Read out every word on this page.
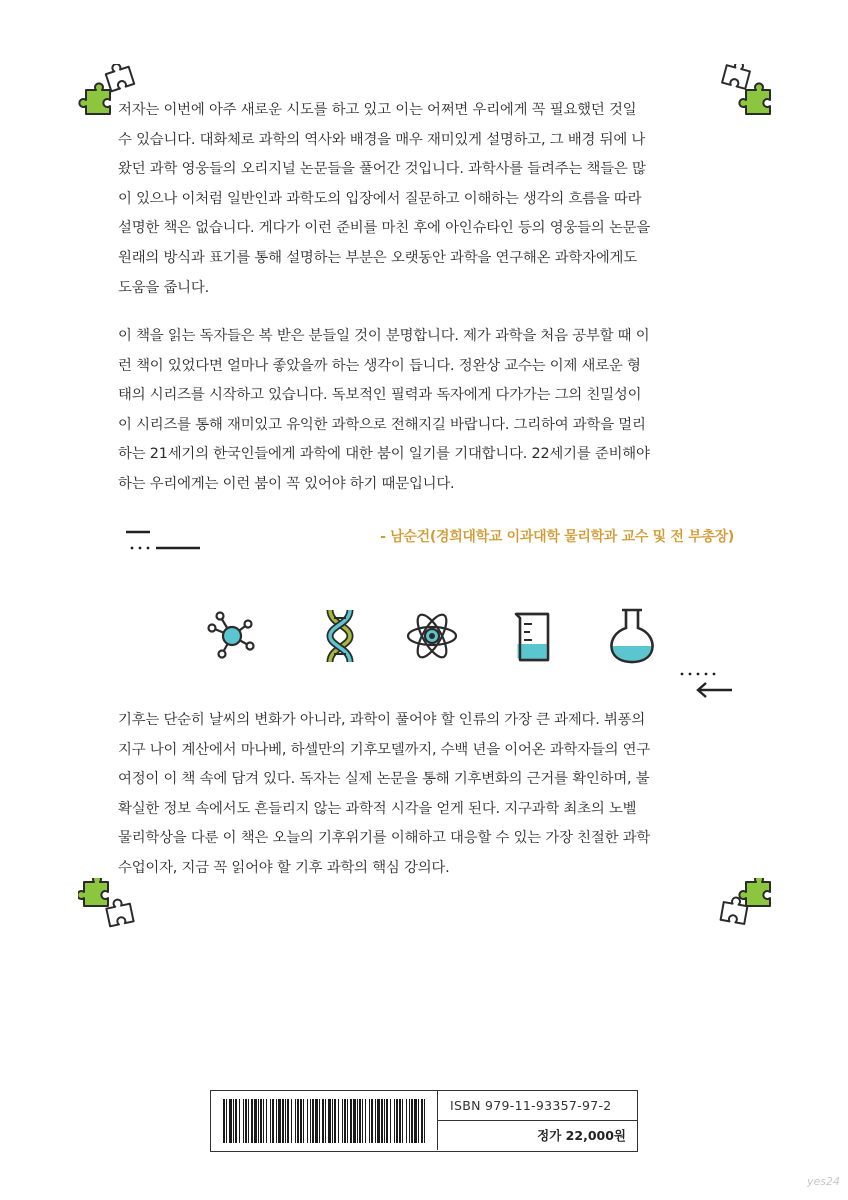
저자는 이번에 아주 새로운 시도를 하고 있고 이는 어쩌면 우리에게 꼭 필요했던 것일
수 있습니다. 대화체로 과학의 역사와 배경을 매우 재미있게 설명하고, 그 배경 뒤에 나
왔던 과학 영웅들의 오리지널 논문들을 풀어간 것입니다. 과학사를 들려주는 책들은 많
이 있으나 이처럼 일반인과 과학도의 입장에서 질문하고 이해하는 생각의 흐름을 따라
설명한 책은 없습니다. 게다가 이런 준비를 마친 후에 아인슈타인 등의 영웅들의 논문을
원래의 방식과 표기를 통해 설명하는 부분은 오랫동안 과학을 연구해온 과학자에게도
도움을 줍니다.
이 책을 읽는 독자들은 복 받은 분들일 것이 분명합니다. 제가 과학을 처음 공부할 때 이
런 책이 있었다면 얼마나 좋았을까 하는 생각이 듭니다. 정완상 교수는 이제 새로운 형
태의 시리즈를 시작하고 있습니다. 독보적인 필력과 독자에게 다가가는 그의 친밀성이
이 시리즈를 통해 재미있고 유익한 과학으로 전해지길 바랍니다. 그리하여 과학을 멀리
하는 21세기의 한국인들에게 과학에 대한 붐이 일기를 기대합니다. 22세기를 준비해야
하는 우리에게는 이런 붐이 꼭 있어야 하기 때문입니다.
- 남순건(경희대학교 이과대학 물리학과 교수 및 전 부총장)
기후는 단순히 날씨의 변화가 아니라, 과학이 풀어야 할 인류의 가장 큰 과제다. 뷔퐁의
지구 나이 계산에서 마나베, 하셀만의 기후모델까지, 수백 년을 이어온 과학자들의 연구
여정이 이 책 속에 담겨 있다. 독자는 실제 논문을 통해 기후변화의 근거를 확인하며, 불
확실한 정보 속에서도 흔들리지 않는 과학적 시각을 얻게 된다. 지구과학 최초의 노벨
물리학상을 다룬 이 책은 오늘의 기후위기를 이해하고 대응할 수 있는 가장 친절한 과학
수업이자, 지금 꼭 읽어야 할 기후 과학의 핵심 강의다.
ISBN 979-11-93357-97-2
정가 22,000원
yes24
